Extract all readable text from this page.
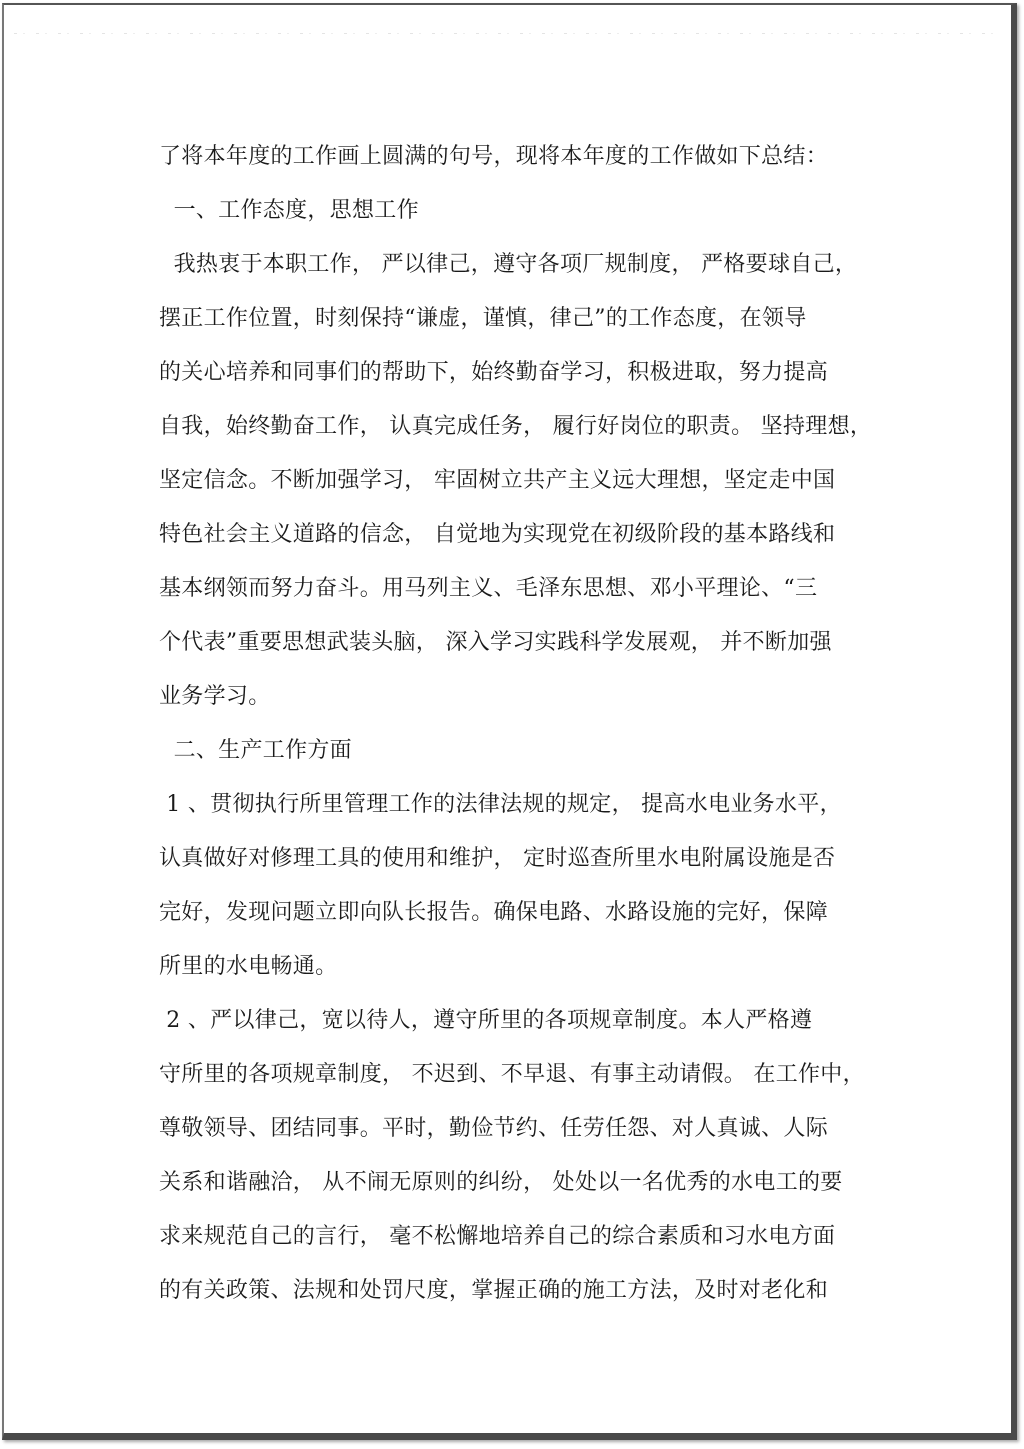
了将本年度的工作画上圆满的句号，现将本年度的工作做如下总结：
一、工作态度，思想工作
我热衷于本职工作， 严以律己，遵守各项厂规制度， 严格要球自己，
摆正工作位置，时刻保持“谦虚，谨慎，律己”的工作态度，在领导
的关心培养和同事们的帮助下，始终勤奋学习，积极进取，努力提高
自我，始终勤奋工作， 认真完成任务， 履行好岗位的职责。 坚持理想，
坚定信念。不断加强学习， 牢固树立共产主义远大理想，坚定走中国
特色社会主义道路的信念， 自觉地为实现党在初级阶段的基本路线和
基本纲领而努力奋斗。用马列主义、毛泽东思想、邓小平理论、“三
个代表”重要思想武装头脑， 深入学习实践科学发展观， 并不断加强
业务学习。
二、生产工作方面
1 、贯彻执行所里管理工作的法律法规的规定， 提高水电业务水平，
认真做好对修理工具的使用和维护， 定时巡查所里水电附属设施是否
完好，发现问题立即向队长报告。确保电路、水路设施的完好，保障
所里的水电畅通。
2 、严以律己，宽以待人，遵守所里的各项规章制度。本人严格遵
守所里的各项规章制度， 不迟到、不早退、有事主动请假。 在工作中，
尊敬领导、团结同事。平时，勤俭节约、任劳任怨、对人真诚、人际
关系和谐融洽， 从不闹无原则的纠纷， 处处以一名优秀的水电工的要
求来规范自己的言行， 毫不松懈地培养自己的综合素质和习水电方面
的有关政策、法规和处罚尺度，掌握正确的施工方法，及时对老化和
